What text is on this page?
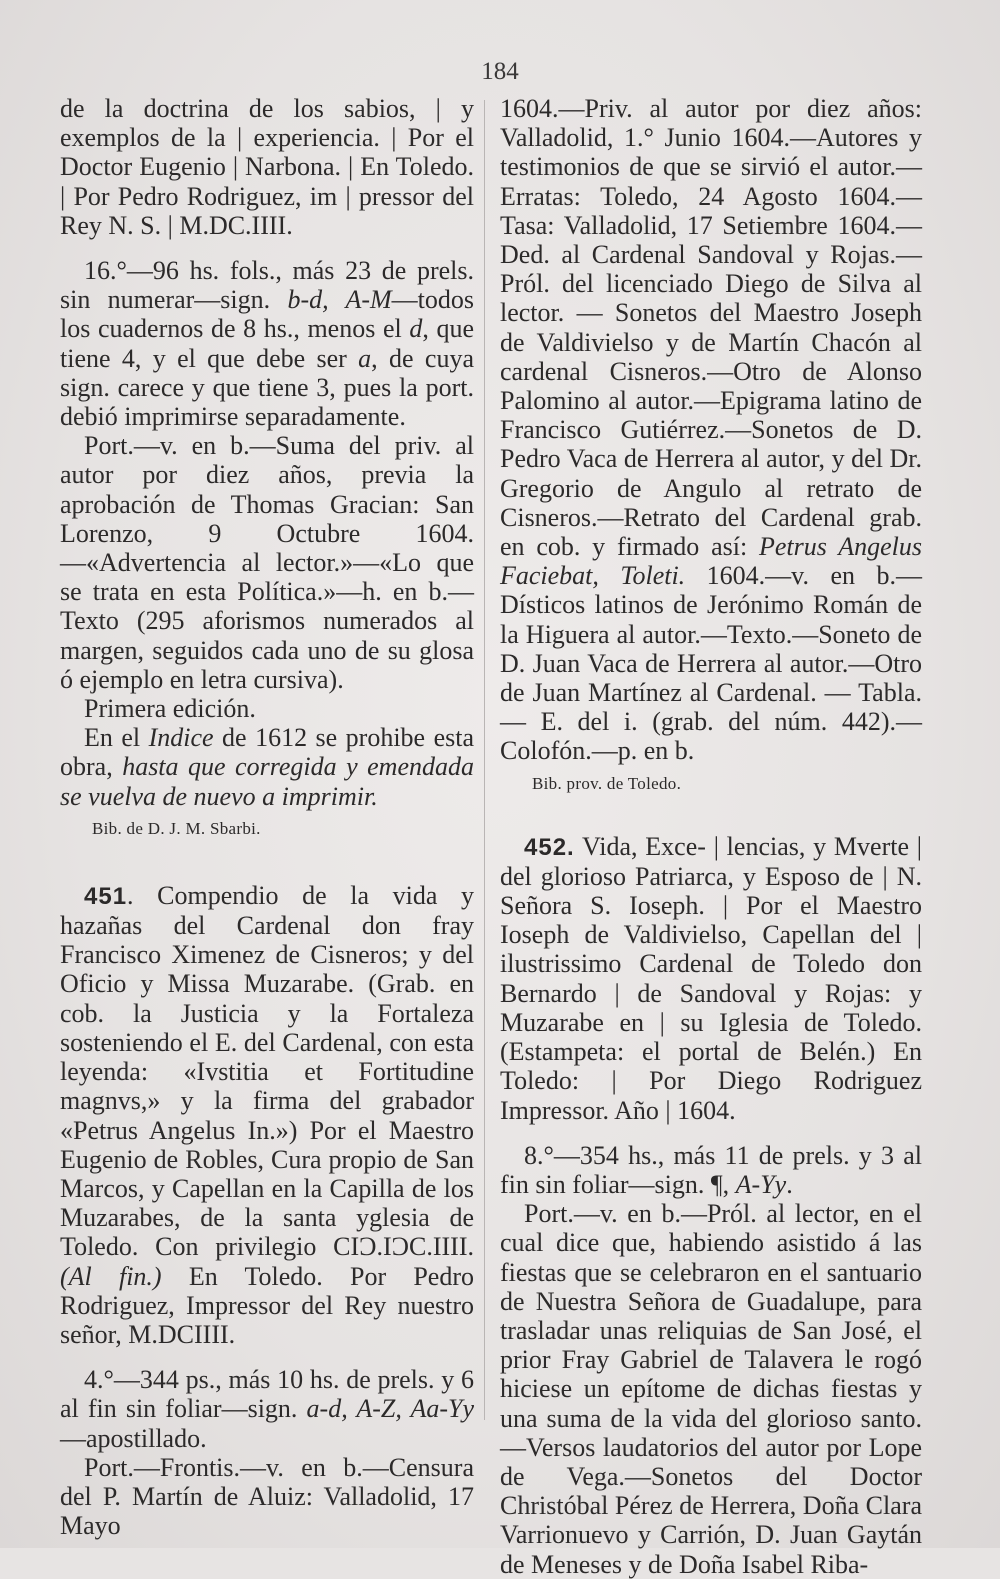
184

de la doctrina de los sabios, | y exemplos de la | experiencia. | Por el Doctor Eugenio | Narbona. | En Toledo. | Por Pedro Rodriguez, im | pressor del Rey N. S. | M.DC.IIII.

16.°—96 hs. fols., más 23 de prels. sin numerar—sign. b-d, A-M—todos los cuadernos de 8 hs., menos el d, que tiene 4, y el que debe ser a, de cuya sign. carece y que tiene 3, pues la port. debió imprimirse separadamente.

Port.—v. en b.—Suma del priv. al autor por diez años, previa la aprobación de Thomas Gracian: San Lorenzo, 9 Octubre 1604.—«Advertencia al lector.»—«Lo que se trata en esta Política.»—h. en b.—Texto (295 aforismos numerados al margen, seguidos cada uno de su glosa ó ejemplo en letra cursiva).

Primera edición.

En el Indice de 1612 se prohibe esta obra, hasta que corregida y emendada se vuelva de nuevo a imprimir.

Bib. de D. J. M. Sbarbi.

451. Compendio de la vida y hazañas del Cardenal don fray Francisco Ximenez de Cisneros; y del Oficio y Missa Muzarabe. (Grab. en cob. la Justicia y la Fortaleza sosteniendo el E. del Cardenal, con esta leyenda: «Ivstitia et Fortitudine magnvs,» y la firma del grabador «Petrus Angelus In.») Por el Maestro Eugenio de Robles, Cura propio de San Marcos, y Capellan en la Capilla de los Muzarabes, de la santa yglesia de Toledo. Con privilegio CIƆ.IƆC.IIII. (Al fin.) En Toledo. Por Pedro Rodriguez, Impressor del Rey nuestro señor, M.DCIIII.

4.°—344 ps., más 10 hs. de prels. y 6 al fin sin foliar—sign. a-d, A-Z, Aa-Yy—apostillado.

Port.—Frontis.—v. en b.—Censura del P. Martín de Aluiz: Valladolid, 17 Mayo

1604.—Priv. al autor por diez años: Valladolid, 1.° Junio 1604.—Autores y testimonios de que se sirvió el autor.—Erratas: Toledo, 24 Agosto 1604.—Tasa: Valladolid, 17 Setiembre 1604.—Ded. al Cardenal Sandoval y Rojas.—Pról. del licenciado Diego de Silva al lector. — Sonetos del Maestro Joseph de Valdivielso y de Martín Chacón al cardenal Cisneros.—Otro de Alonso Palomino al autor.—Epigrama latino de Francisco Gutiérrez.—Sonetos de D. Pedro Vaca de Herrera al autor, y del Dr. Gregorio de Angulo al retrato de Cisneros.—Retrato del Cardenal grab. en cob. y firmado así: Petrus Angelus Faciebat, Toleti. 1604.—v. en b.—Dísticos latinos de Jerónimo Román de la Higuera al autor.—Texto.—Soneto de D. Juan Vaca de Herrera al autor.—Otro de Juan Martínez al Cardenal. — Tabla. — E. del i. (grab. del núm. 442).—Colofón.—p. en b.

Bib. prov. de Toledo.

452. Vida, Exce- | lencias, y Mverte | del glorioso Patriarca, y Esposo de | N. Señora S. Ioseph. | Por el Maestro Ioseph de Valdivielso, Capellan del | ilustrissimo Cardenal de Toledo don Bernardo | de Sandoval y Rojas: y Muzarabe en | su Iglesia de Toledo. (Estampeta: el portal de Belén.) En Toledo: | Por Diego Rodriguez Impressor. Año | 1604.

8.°—354 hs., más 11 de prels. y 3 al fin sin foliar—sign. ¶, A-Yy.

Port.—v. en b.—Pról. al lector, en el cual dice que, habiendo asistido á las fiestas que se celebraron en el santuario de Nuestra Señora de Guadalupe, para trasladar unas reliquias de San José, el prior Fray Gabriel de Talavera le rogó hiciese un epítome de dichas fiestas y una suma de la vida del glorioso santo.—Versos laudatorios del autor por Lope de Vega.—Sonetos del Doctor Christóbal Pérez de Herrera, Doña Clara Varrionuevo y Carrión, D. Juan Gaytán de Meneses y de Doña Isabel Riba-
